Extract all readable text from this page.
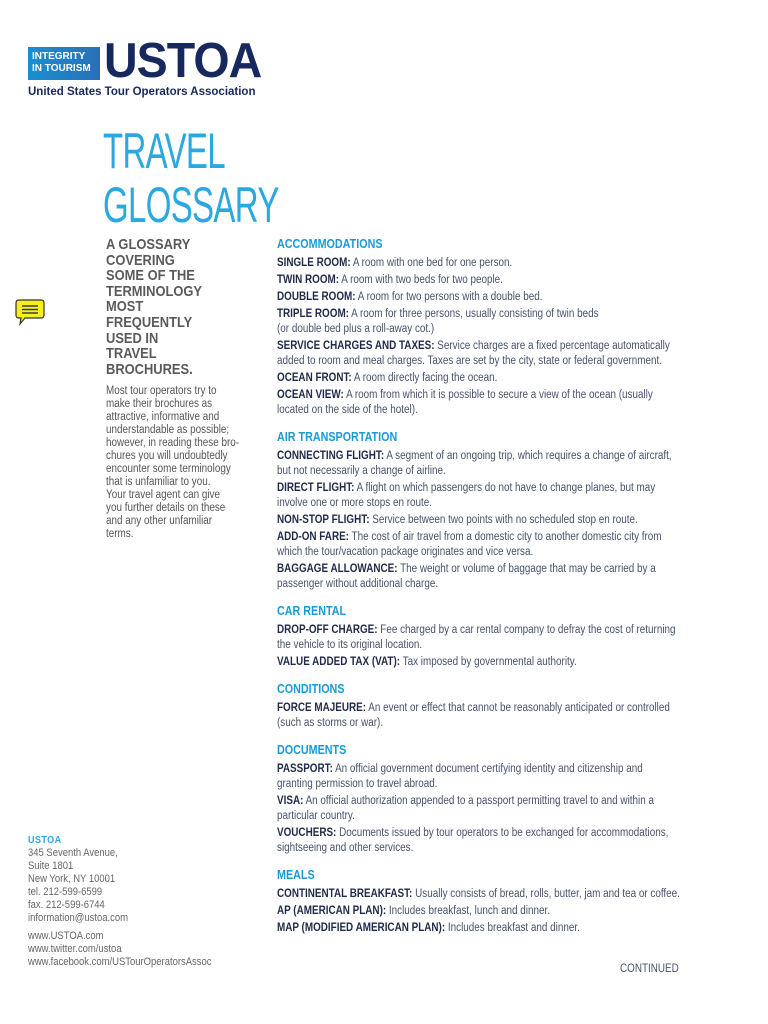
INTEGRITY
IN TOURISM USTOA
United States Tour Operators Association
TRAVEL
GLOSSARY
A GLOSSARY
COVERING
SOME OF THE
TERMINOLOGY
MOST
FREQUENTLY
USED IN
TRAVEL
BROCHURES.
Most tour operators try to
make their brochures as
attractive, informative and
understandable as possible;
however, in reading these bro-
chures you will undoubtedly
encounter some terminology
that is unfamiliar to you.
Your travel agent can give
you further details on these
and any other unfamiliar
terms.
USTOA
345 Seventh Avenue,
Suite 1801
New York, NY 10001
tel. 212-599-6599
fax. 212-599-6744
information@ustoa.com
www.USTOA.com
www.twitter.com/ustoa
www.facebook.com/USTourOperatorsAssoc
ACCOMMODATIONS
SINGLE ROOM: A room with one bed for one person.
TWIN ROOM: A room with two beds for two people.
DOUBLE ROOM: A room for two persons with a double bed.
TRIPLE ROOM: A room for three persons, usually consisting of twin beds
(or double bed plus a roll-away cot.)
SERVICE CHARGES AND TAXES: Service charges are a fixed percentage automatically
added to room and meal charges. Taxes are set by the city, state or federal government.
OCEAN FRONT: A room directly facing the ocean.
OCEAN VIEW: A room from which it is possible to secure a view of the ocean (usually
located on the side of the hotel).
AIR TRANSPORTATION
CONNECTING FLIGHT: A segment of an ongoing trip, which requires a change of aircraft,
but not necessarily a change of airline.
DIRECT FLIGHT: A flight on which passengers do not have to change planes, but may
involve one or more stops en route.
NON-STOP FLIGHT: Service between two points with no scheduled stop en route.
ADD-ON FARE: The cost of air travel from a domestic city to another domestic city from
which the tour/vacation package originates and vice versa.
BAGGAGE ALLOWANCE: The weight or volume of baggage that may be carried by a
passenger without additional charge.
CAR RENTAL
DROP-OFF CHARGE: Fee charged by a car rental company to defray the cost of returning
the vehicle to its original location.
VALUE ADDED TAX (VAT): Tax imposed by governmental authority.
CONDITIONS
FORCE MAJEURE: An event or effect that cannot be reasonably anticipated or controlled
(such as storms or war).
DOCUMENTS
PASSPORT: An official government document certifying identity and citizenship and
granting permission to travel abroad.
VISA: An official authorization appended to a passport permitting travel to and within a
particular country.
VOUCHERS: Documents issued by tour operators to be exchanged for accommodations,
sightseeing and other services.
MEALS
CONTINENTAL BREAKFAST: Usually consists of bread, rolls, butter, jam and tea or coffee.
AP (AMERICAN PLAN): Includes breakfast, lunch and dinner.
MAP (MODIFIED AMERICAN PLAN): Includes breakfast and dinner.
CONTINUED
